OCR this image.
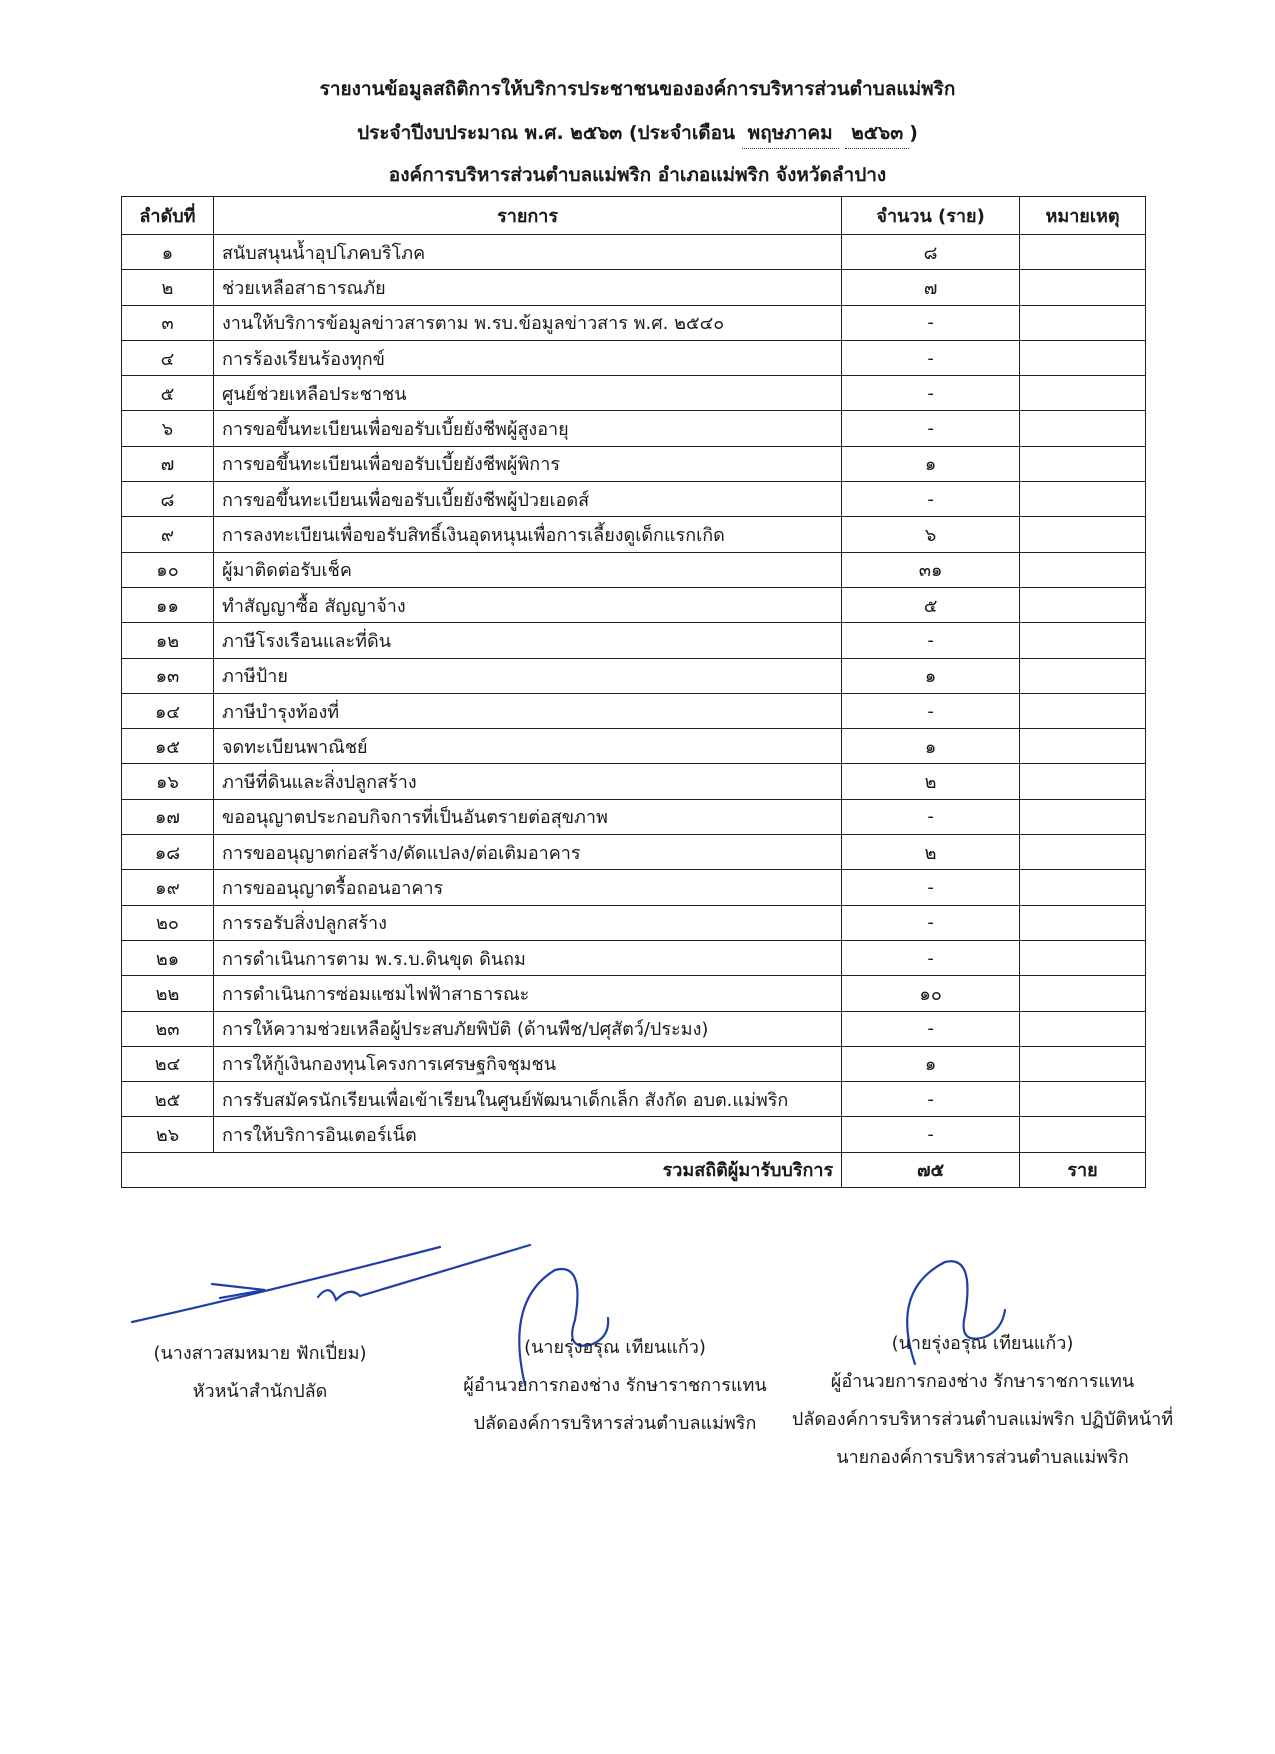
รายงานข้อมูลสถิติการให้บริการประชาชนขององค์การบริหารส่วนตำบลแม่พริก
ประจำปีงบประมาณ พ.ศ. ๒๕๖๓ (ประจำเดือน พฤษภาคม ๒๕๖๓ )
องค์การบริหารส่วนตำบลแม่พริก อำเภอแม่พริก จังหวัดลำปาง
ลำดับที่	รายการ	จำนวน (ราย)	หมายเหตุ
๑	สนับสนุนน้ำอุปโภคบริโภค	๘	
๒	ช่วยเหลือสาธารณภัย	๗	
๓	งานให้บริการข้อมูลข่าวสารตาม พ.รบ.ข้อมูลข่าวสาร พ.ศ. ๒๕๔๐	-	
๔	การร้องเรียนร้องทุกข์	-	
๕	ศูนย์ช่วยเหลือประชาชน	-	
๖	การขอขึ้นทะเบียนเพื่อขอรับเบี้ยยังชีพผู้สูงอายุ	-	
๗	การขอขึ้นทะเบียนเพื่อขอรับเบี้ยยังชีพผู้พิการ	๑	
๘	การขอขึ้นทะเบียนเพื่อขอรับเบี้ยยังชีพผู้ป่วยเอดส์	-	
๙	การลงทะเบียนเพื่อขอรับสิทธิ์เงินอุดหนุนเพื่อการเลี้ยงดูเด็กแรกเกิด	๖	
๑๐	ผู้มาติดต่อรับเช็ค	๓๑	
๑๑	ทำสัญญาซื้อ สัญญาจ้าง	๕	
๑๒	ภาษีโรงเรือนและที่ดิน	-	
๑๓	ภาษีป้าย	๑	
๑๔	ภาษีบำรุงท้องที่	-	
๑๕	จดทะเบียนพาณิชย์	๑	
๑๖	ภาษีที่ดินและสิ่งปลูกสร้าง	๒	
๑๗	ขออนุญาตประกอบกิจการที่เป็นอันตรายต่อสุขภาพ	-	
๑๘	การขออนุญาตก่อสร้าง/ดัดแปลง/ต่อเติมอาคาร	๒	
๑๙	การขออนุญาตรื้อถอนอาคาร	-	
๒๐	การรอรับสิ่งปลูกสร้าง	-	
๒๑	การดำเนินการตาม พ.ร.บ.ดินขุด ดินถม	-	
๒๒	การดำเนินการซ่อมแซมไฟฟ้าสาธารณะ	๑๐	
๒๓	การให้ความช่วยเหลือผู้ประสบภัยพิบัติ (ด้านพืช/ปศุสัตว์/ประมง)	-	
๒๔	การให้กู้เงินกองทุนโครงการเศรษฐกิจชุมชน	๑	
๒๕	การรับสมัครนักเรียนเพื่อเข้าเรียนในศูนย์พัฒนาเด็กเล็ก สังกัด อบต.แม่พริก	-	
๒๖	การให้บริการอินเตอร์เน็ต	-	
รวมสถิติผู้มารับบริการ		๗๕	ราย
(นางสาวสมหมาย ฟักเปี่ยม)
หัวหน้าสำนักปลัด
(นายรุ่งอรุณ เทียนแก้ว)
ผู้อำนวยการกองช่าง รักษาราชการแทน
ปลัดองค์การบริหารส่วนตำบลแม่พริก
(นายรุ่งอรุณ เทียนแก้ว)
ผู้อำนวยการกองช่าง รักษาราชการแทน
ปลัดองค์การบริหารส่วนตำบลแม่พริก ปฏิบัติหน้าที่
นายกองค์การบริหารส่วนตำบลแม่พริก
